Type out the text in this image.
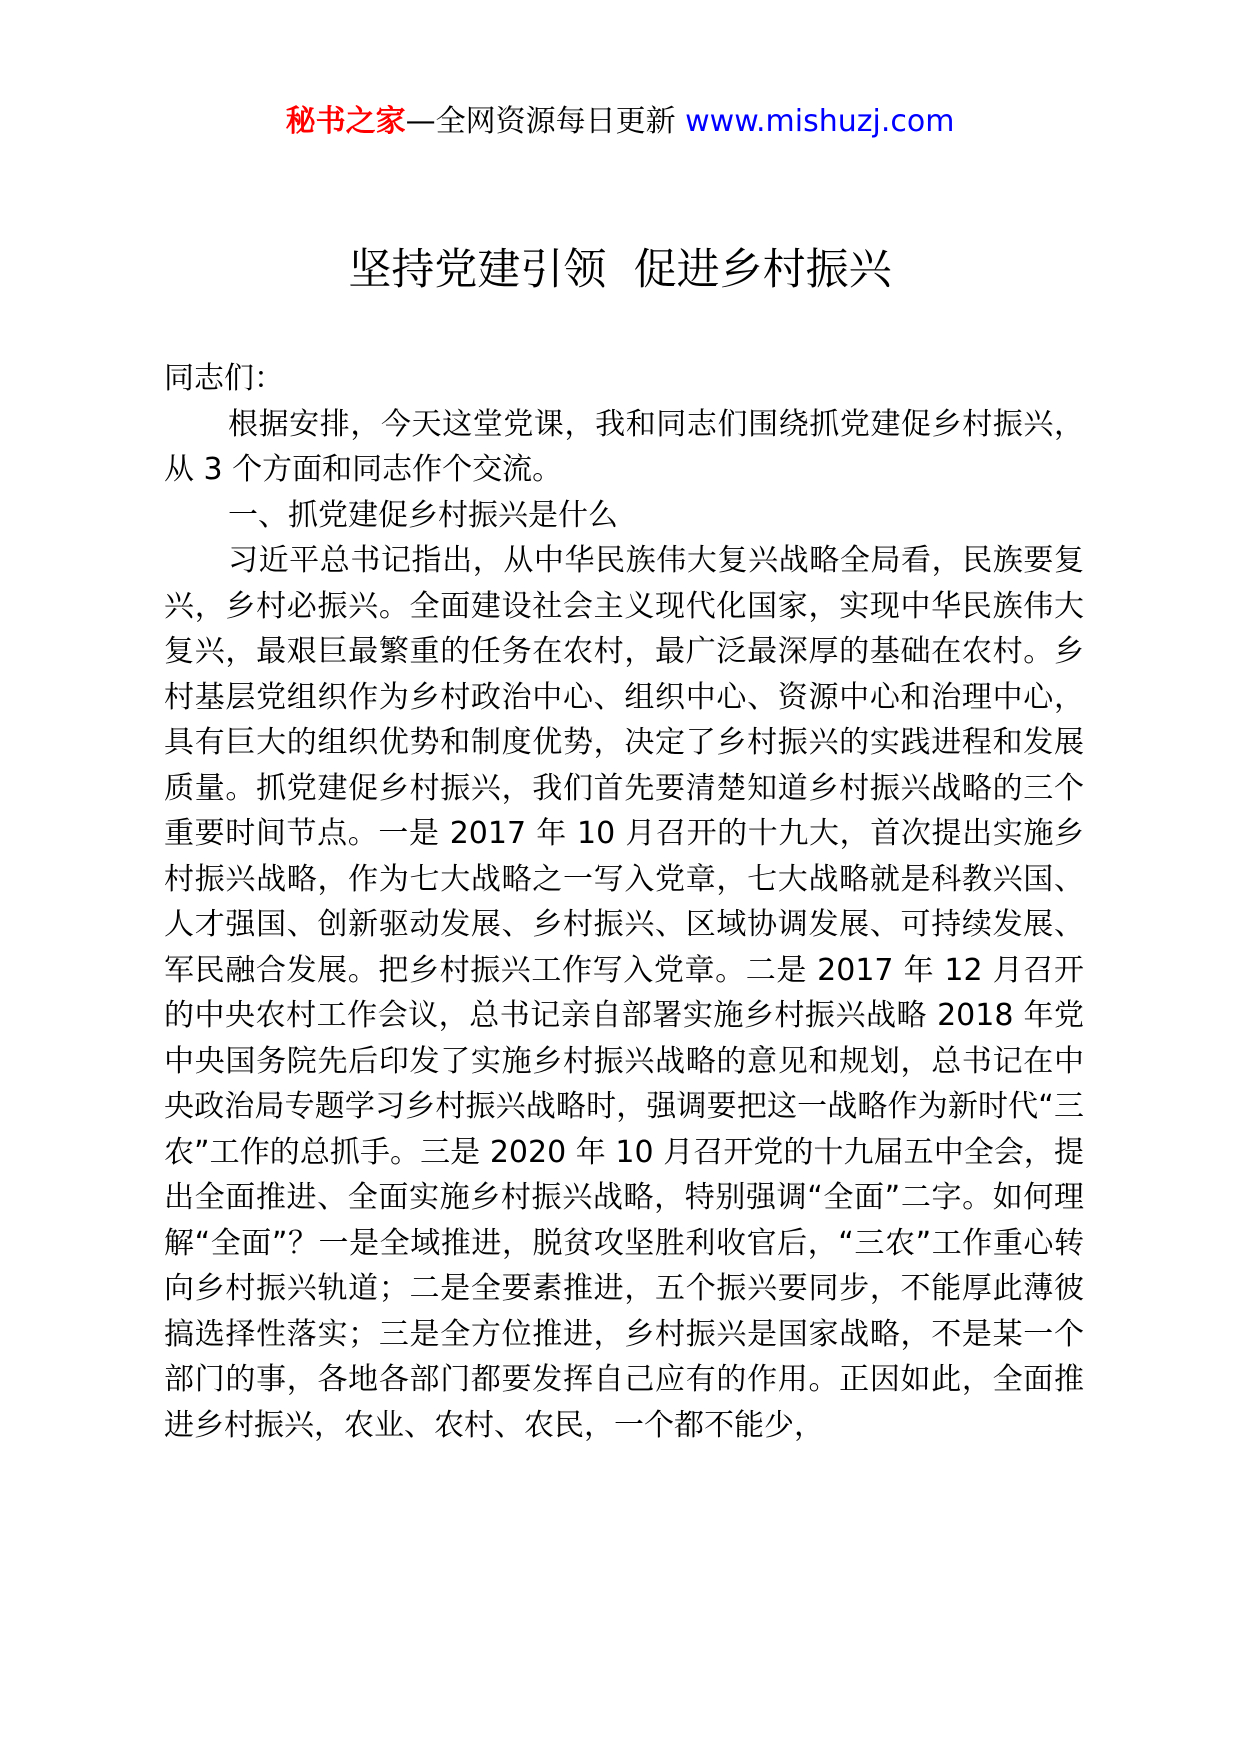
秘书之家—全网资源每日更新 www.mishuzj.com
坚持党建引领  促进乡村振兴

同志们：

根据安排，今天这堂党课，我和同志们围绕抓党建促乡村振兴，从 3 个方面和同志作个交流。

一、抓党建促乡村振兴是什么

习近平总书记指出，从中华民族伟大复兴战略全局看，民族要复兴，乡村必振兴。全面建设社会主义现代化国家，实现中华民族伟大复兴，最艰巨最繁重的任务在农村，最广泛最深厚的基础在农村。乡村基层党组织作为乡村政治中心、组织中心、资源中心和治理中心，具有巨大的组织优势和制度优势，决定了乡村振兴的实践进程和发展质量。抓党建促乡村振兴，我们首先要清楚知道乡村振兴战略的三个重要时间节点。一是 2017 年 10 月召开的十九大，首次提出实施乡村振兴战略，作为七大战略之一写入党章，七大战略就是科教兴国、人才强国、创新驱动发展、乡村振兴、区域协调发展、可持续发展、军民融合发展。把乡村振兴工作写入党章。二是 2017 年 12 月召开的中央农村工作会议，总书记亲自部署实施乡村振兴战略 2018 年党中央国务院先后印发了实施乡村振兴战略的意见和规划，总书记在中央政治局专题学习乡村振兴战略时，强调要把这一战略作为新时代“三农”工作的总抓手。三是 2020 年 10 月召开党的十九届五中全会，提出全面推进、全面实施乡村振兴战略，特别强调“全面”二字。如何理解“全面”？一是全域推进，脱贫攻坚胜利收官后，“三农”工作重心转向乡村振兴轨道；二是全要素推进，五个振兴要同步，不能厚此薄彼搞选择性落实；三是全方位推进，乡村振兴是国家战略，不是某一个部门的事，各地各部门都要发挥自己应有的作用。正因如此，全面推进乡村振兴，农业、农村、农民，一个都不能少，
